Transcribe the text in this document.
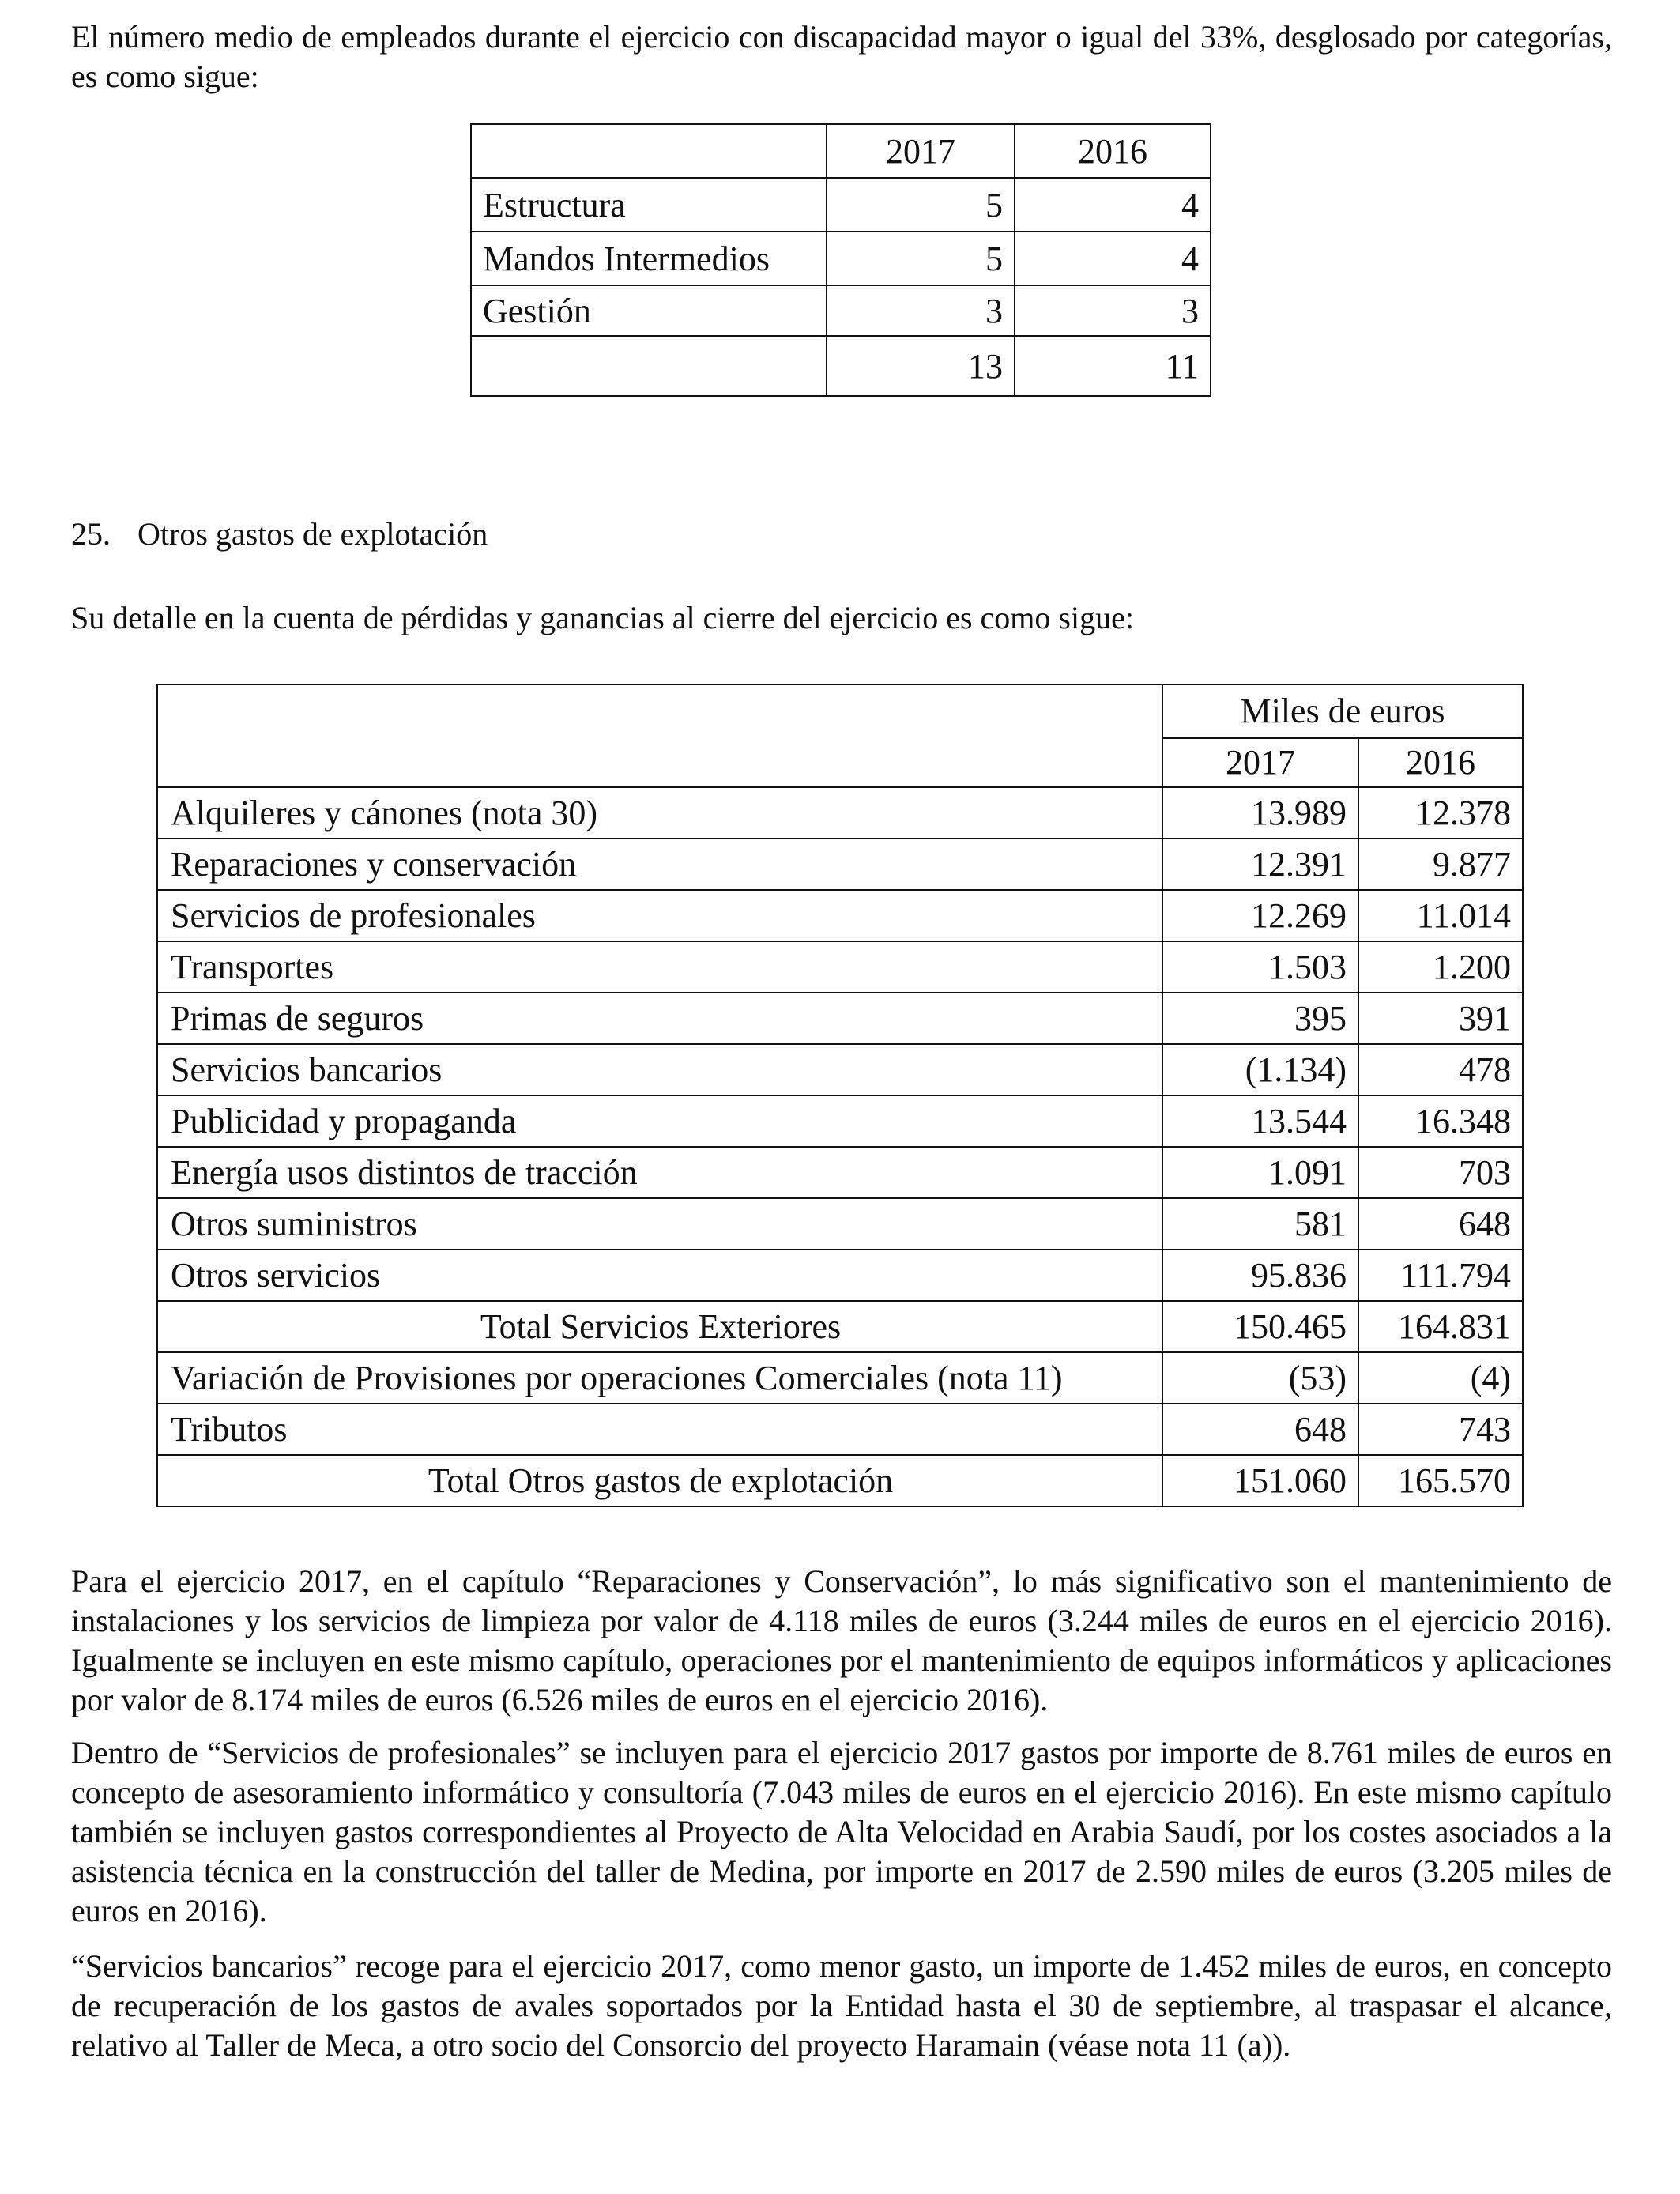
El número medio de empleados durante el ejercicio con discapacidad mayor o igual del 33%, desglosado por categorías, es como sigue:

	2017	2016
Estructura	5	4
Mandos Intermedios	5	4
Gestión	3	3
	13	11

25. Otros gastos de explotación

Su detalle en la cuenta de pérdidas y ganancias al cierre del ejercicio es como sigue:

	Miles de euros	
	2017	2016
Alquileres y cánones (nota 30)	13.989	12.378
Reparaciones y conservación	12.391	9.877
Servicios de profesionales	12.269	11.014
Transportes	1.503	1.200
Primas de seguros	395	391
Servicios bancarios	(1.134)	478
Publicidad y propaganda	13.544	16.348
Energía usos distintos de tracción	1.091	703
Otros suministros	581	648
Otros servicios	95.836	111.794
Total Servicios Exteriores	150.465	164.831
Variación de Provisiones por operaciones Comerciales (nota 11)	(53)	(4)
Tributos	648	743
Total Otros gastos de explotación	151.060	165.570

Para el ejercicio 2017, en el capítulo “Reparaciones y Conservación”, lo más significativo son el mantenimiento de instalaciones y los servicios de limpieza por valor de 4.118 miles de euros (3.244 miles de euros en el ejercicio 2016). Igualmente se incluyen en este mismo capítulo, operaciones por el mantenimiento de equipos informáticos y aplicaciones por valor de 8.174 miles de euros (6.526 miles de euros en el ejercicio 2016).

Dentro de “Servicios de profesionales” se incluyen para el ejercicio 2017 gastos por importe de 8.761 miles de euros en concepto de asesoramiento informático y consultoría (7.043 miles de euros en el ejercicio 2016). En este mismo capítulo también se incluyen gastos correspondientes al Proyecto de Alta Velocidad en Arabia Saudí, por los costes asociados a la asistencia técnica en la construcción del taller de Medina, por importe en 2017 de 2.590 miles de euros (3.205 miles de euros en 2016).

“Servicios bancarios” recoge para el ejercicio 2017, como menor gasto, un importe de 1.452 miles de euros, en concepto de recuperación de los gastos de avales soportados por la Entidad hasta el 30 de septiembre, al traspasar el alcance, relativo al Taller de Meca, a otro socio del Consorcio del proyecto Haramain (véase nota 11 (a)).
